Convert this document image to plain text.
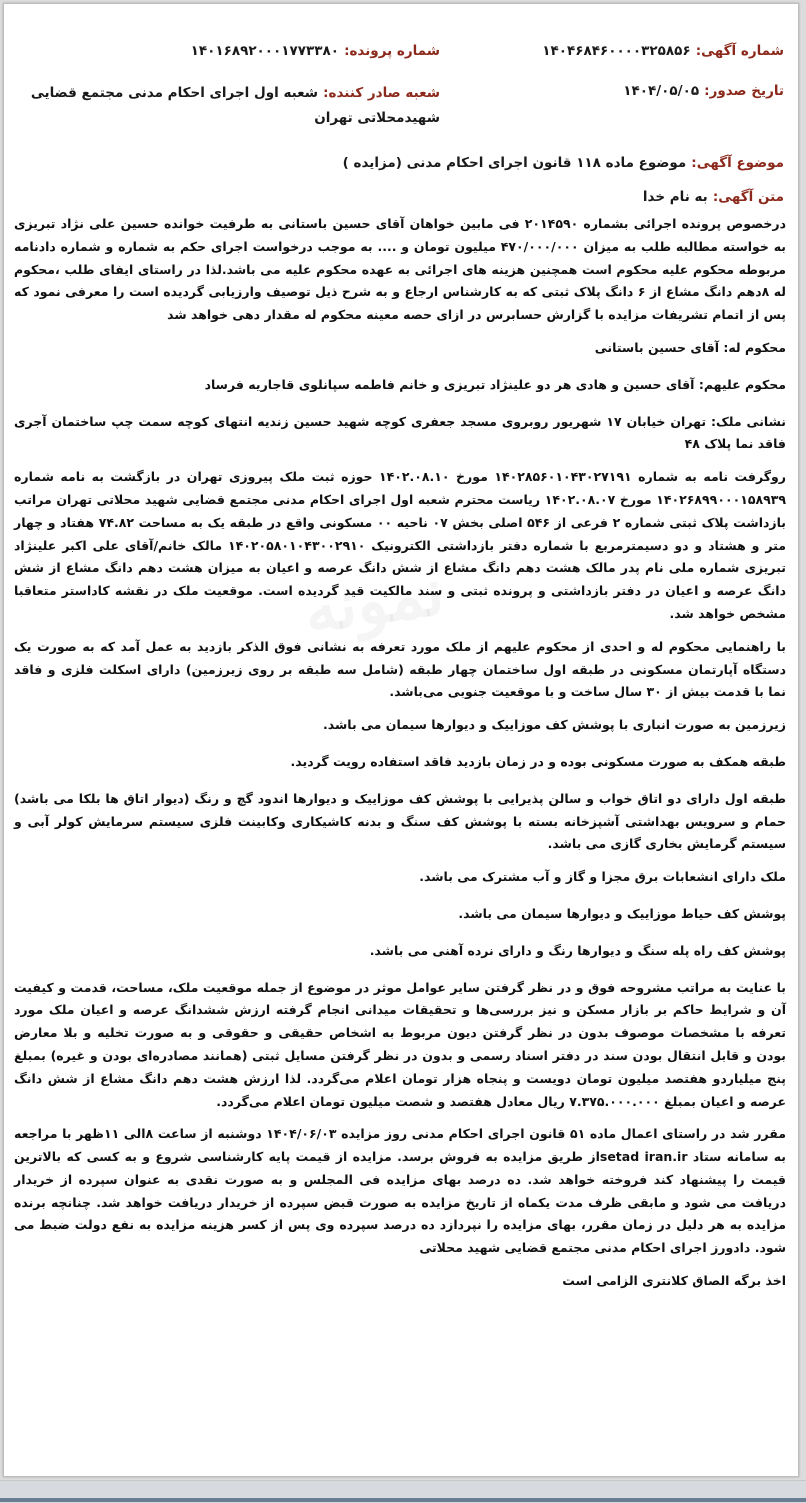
شماره آگهی: ۱۴۰۴۶۸۴۶۰۰۰۰۳۲۵۸۵۶
شماره پرونده: ۱۴۰۱۶۸۹۲۰۰۰۱۷۷۳۳۸۰
تاریخ صدور: ۱۴۰۴/۰۵/۰۵
شعبه صادر کننده: شعبه اول اجرای احکام مدنی مجتمع قضایی شهیدمحلاتی تهران
موضوع آگهی: موضوع ماده ۱۱۸ قانون اجرای احکام مدنی (مزایده )
متن آگهی: به نام خدا
نمونه

درخصوص پرونده اجرائی بشماره ۲۰۱۴۵۹۰ فی مابین خواهان آقای حسین باستانی به طرفیت خوانده حسین علی نژاد تبریزی به خواسته مطالبه طلب به میزان ۴۷۰/۰۰۰/۰۰۰ میلیون تومان و .... به موجب درخواست اجرای حکم به شماره و شماره دادنامه مربوطه محکوم علیه محکوم است همچنین هزینه های اجرائی به عهده محکوم علیه می باشد.لذا در راستای ایفای طلب ،محکوم له ۸دهم دانگ مشاع از ۶ دانگ پلاک ثبتی که به کارشناس ارجاع و به شرح ذیل توصیف وارزیابی گردیده است را معرفی نمود که پس از اتمام تشریفات مزایده با گزارش حسابرس در ازای حصه معینه محکوم له مقدار دهی خواهد شد

محکوم له: آقای حسین باستانی

محکوم علیهم: آقای حسین و هادی هر دو علینژاد تبریزی و خانم فاطمه سپانلوی قاجاریه فرساد

نشانی ملک: تهران خیابان ۱۷ شهریور روبروی مسجد جعفری کوچه شهید حسین زندیه انتهای کوچه سمت چپ ساختمان آجری فاقد نما پلاک ۴۸

روگرفت نامه به شماره ۱۴۰۲۸۵۶۰۱۰۴۳۰۲۷۱۹۱ مورخ ۱۴۰۲.۰۸.۱۰ حوزه ثبت ملک پیروزی تهران در بازگشت به نامه شماره ۱۴۰۲۶۸۹۹۰۰۰۱۵۸۹۳۹ مورخ ۱۴۰۲.۰۸.۰۷ ریاست محترم شعبه اول اجرای احکام مدنی مجتمع قضایی شهید محلاتی تهران مراتب بازداشت پلاک ثبتی شماره ۲ فرعی از ۵۴۶ اصلی بخش ۰۷ ناحیه ۰۰ مسکونی واقع در طبقه یک به مساحت ۷۴.۸۲ هفتاد و چهار متر و هشتاد و دو دسیمترمربع با شماره دفتر بازداشتی الکترونیک ۱۴۰۲۰۵۸۰۱۰۴۳۰۰۲۹۱۰ مالک خانم/آقای علی اکبر علینژاد تبریزی شماره ملی نام پدر مالک هشت دهم دانگ مشاع از شش دانگ عرصه و اعیان به میزان هشت دهم دانگ مشاع از شش دانگ عرصه و اعیان در دفتر بازداشتی و پرونده ثبتی و سند مالکیت قید گردیده است. موقعیت ملک در نقشه کاداستر متعاقبا مشخص خواهد شد.

با راهنمایی محکوم له و احدی از محکوم علیهم از ملک مورد تعرفه به نشانی فوق الذکر بازدید به عمل آمد که به صورت یک دستگاه آپارتمان مسکونی در طبقه اول ساختمان چهار طبقه (شامل سه طبقه بر روی زیرزمین) دارای اسکلت فلزی و فاقد نما با قدمت بیش از ۳۰ سال ساخت و با موقعیت جنوبی می‌باشد.

زیرزمین به صورت انباری با پوشش کف موزاییک و دیوارها سیمان می باشد.

طبقه همکف به صورت مسکونی بوده و در زمان بازدید فاقد استفاده رویت گردید.

طبقه اول دارای دو اتاق خواب و سالن پذیرایی با پوشش کف موزاییک و دیوارها اندود گچ و رنگ (دیوار اتاق ها بلکا می باشد) حمام و سرویس بهداشتی آشپزخانه بسته با پوشش کف سنگ و بدنه کاشیکاری وکابینت فلزی سیستم سرمایش کولر آبی و سیستم گرمایش بخاری گازی می باشد.

ملک دارای انشعابات برق مجزا و گاز و آب مشترک می باشد.

پوشش کف حیاط موزاییک و دیوارها سیمان می باشد.

پوشش کف راه پله سنگ و دیوارها رنگ و دارای نرده آهنی می باشد.

با عنایت به مراتب مشروحه فوق و در نظر گرفتن سایر عوامل موثر در موضوع از جمله موقعیت ملک، مساحت، قدمت و کیفیت آن و شرایط حاکم بر بازار مسکن و نیز بررسی‌ها و تحقیقات میدانی انجام گرفته ارزش ششدانگ عرصه و اعیان ملک مورد تعرفه با مشخصات موصوف بدون در نظر گرفتن دیون مربوط به اشخاص حقیقی و حقوقی و به صورت تخلیه و بلا معارض بودن و قابل انتقال بودن سند در دفتر اسناد رسمی و بدون در نظر گرفتن مسایل ثبتی (همانند مصادره‌ای بودن و غیره) بمبلغ پنج میلیاردو هفتصد میلیون تومان دویست و پنجاه هزار تومان اعلام می‌گردد. لذا ارزش هشت دهم دانگ مشاع از شش دانگ عرصه و اعیان بمبلغ ۷.۳۷۵.۰۰۰.۰۰۰ ریال معادل هفتصد و شصت میلیون تومان اعلام می‌گردد.

مقرر شد در راستای اعمال ماده ۵۱ قانون اجرای احکام مدنی روز مزایده ۱۴۰۴/۰۶/۰۳ دوشنبه از ساعت ۸الی ۱۱ظهر با مراجعه به سامانه ستاد setad iran.irاز طریق مزایده به فروش برسد. مزایده از قیمت پایه کارشناسی شروع و به کسی که بالاترین قیمت را پیشنهاد کند فروخته خواهد شد. ده درصد بهای مزایده فی المجلس و به صورت نقدی به عنوان سپرده از خریدار دریافت می شود و مابقی ظرف مدت یکماه از تاریخ مزایده به صورت قبض سپرده از خریدار دریافت خواهد شد. چنانچه برنده مزایده به هر دلیل در زمان مقرر، بهای مزایده را نپردازد ده درصد سپرده وی پس از کسر هزینه مزایده به نفع دولت ضبط می شود. دادورز اجرای احکام مدنی مجتمع قضایی شهید محلاتی

اخذ برگه الصاق کلانتری الزامی است
